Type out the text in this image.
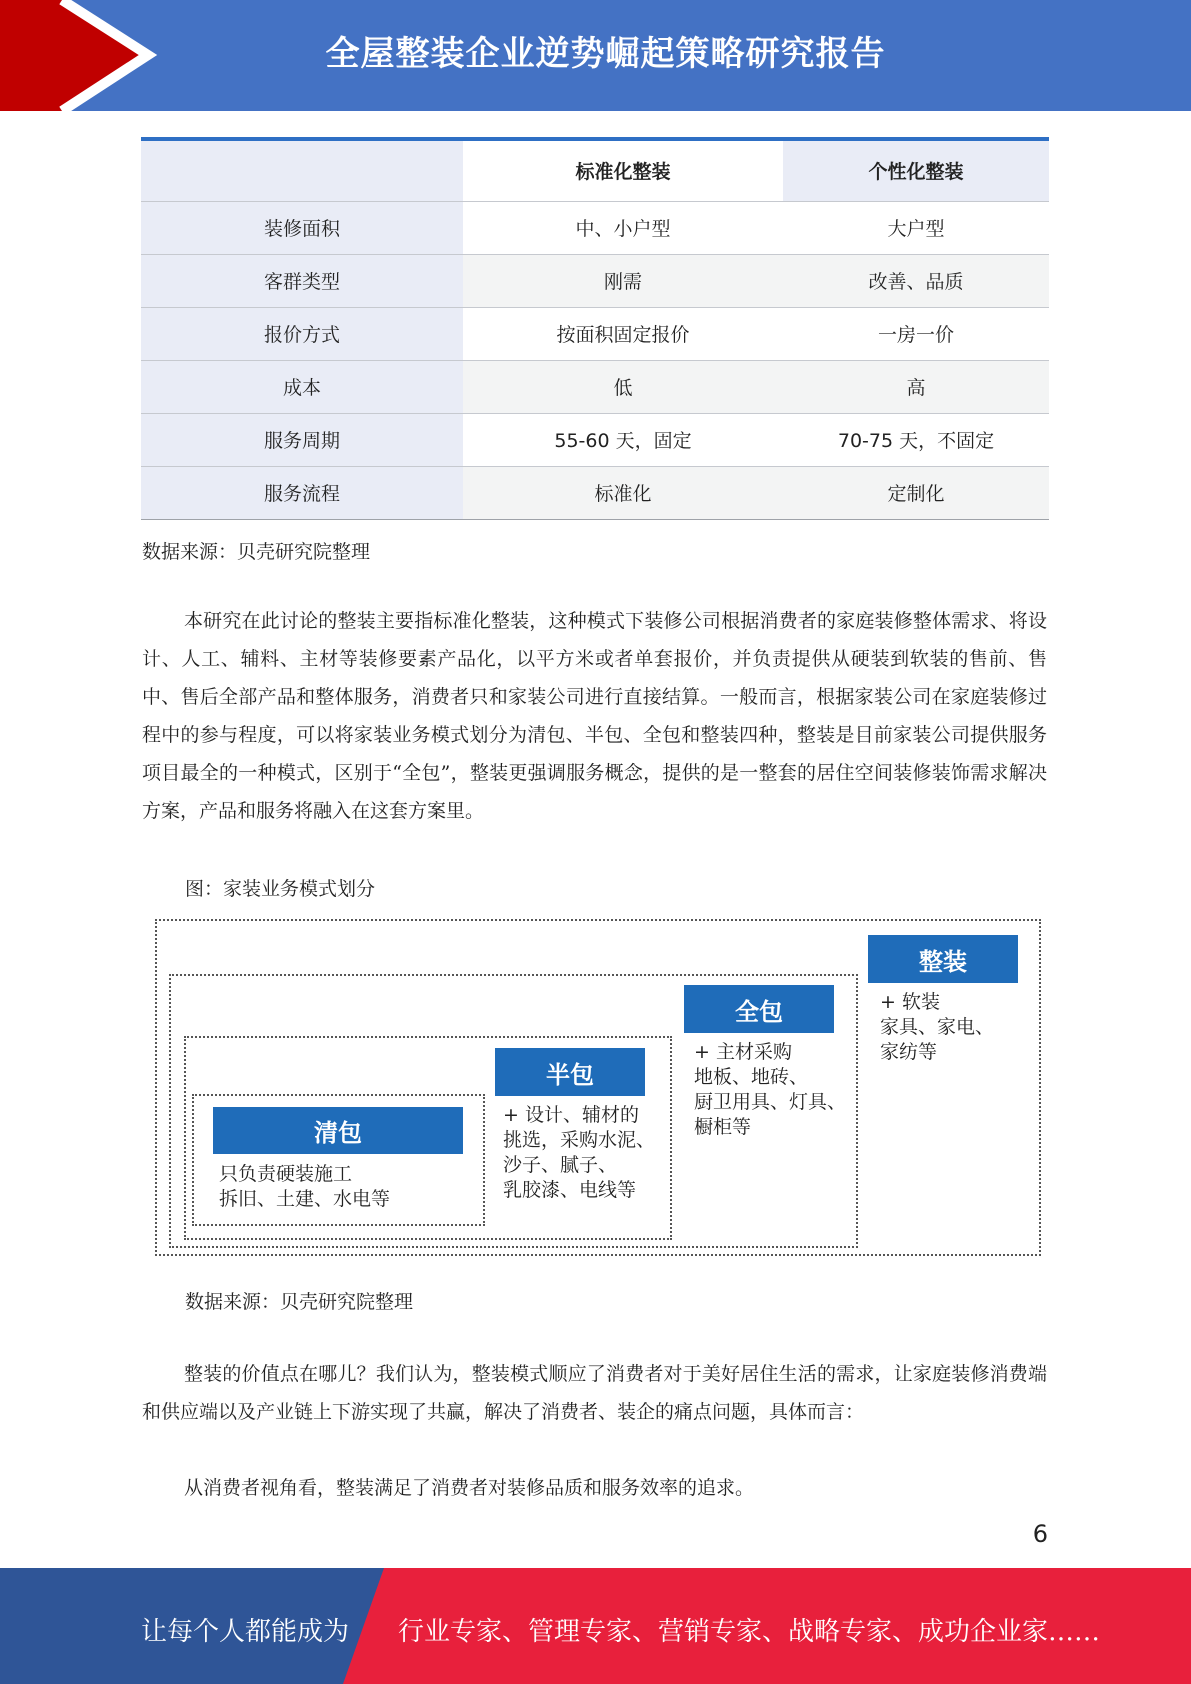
全屋整装企业逆势崛起策略研究报告
	标准化整装	个性化整装
装修面积	中、小户型	大户型
客群类型	刚需	改善、品质
报价方式	按面积固定报价	一房一价
成本	低	高
服务周期	55-60 天，固定	70-75 天，不固定
服务流程	标准化	定制化
数据来源：贝壳研究院整理

本研究在此讨论的整装主要指标准化整装，这种模式下装修公司根据消费者的家庭装修整体需求、将设计、人工、辅料、主材等装修要素产品化，以平方米或者单套报价，并负责提供从硬装到软装的售前、售中、售后全部产品和整体服务，消费者只和家装公司进行直接结算。一般而言，根据家装公司在家庭装修过程中的参与程度，可以将家装业务模式划分为清包、半包、全包和整装四种，整装是目前家装公司提供服务项目最全的一种模式，区别于“全包”，整装更强调服务概念，提供的是一整套的居住空间装修装饰需求解决方案，产品和服务将融入在这套方案里。

图：家装业务模式划分
清包
只负责硬装施工
拆旧、土建、水电等
半包
+ 设计、辅材的
挑选，采购水泥、
沙子、腻子、
乳胶漆、电线等
全包
+ 主材采购
地板、地砖、
厨卫用具、灯具、
橱柜等
整装
+ 软装
家具、家电、
家纺等
数据来源：贝壳研究院整理

整装的价值点在哪儿？我们认为，整装模式顺应了消费者对于美好居住生活的需求，让家庭装修消费端和供应端以及产业链上下游实现了共赢，解决了消费者、装企的痛点问题，具体而言：

从消费者视角看，整装满足了消费者对装修品质和服务效率的追求。

6
让每个人都能成为 行业专家、管理专家、营销专家、战略专家、成功企业家……
